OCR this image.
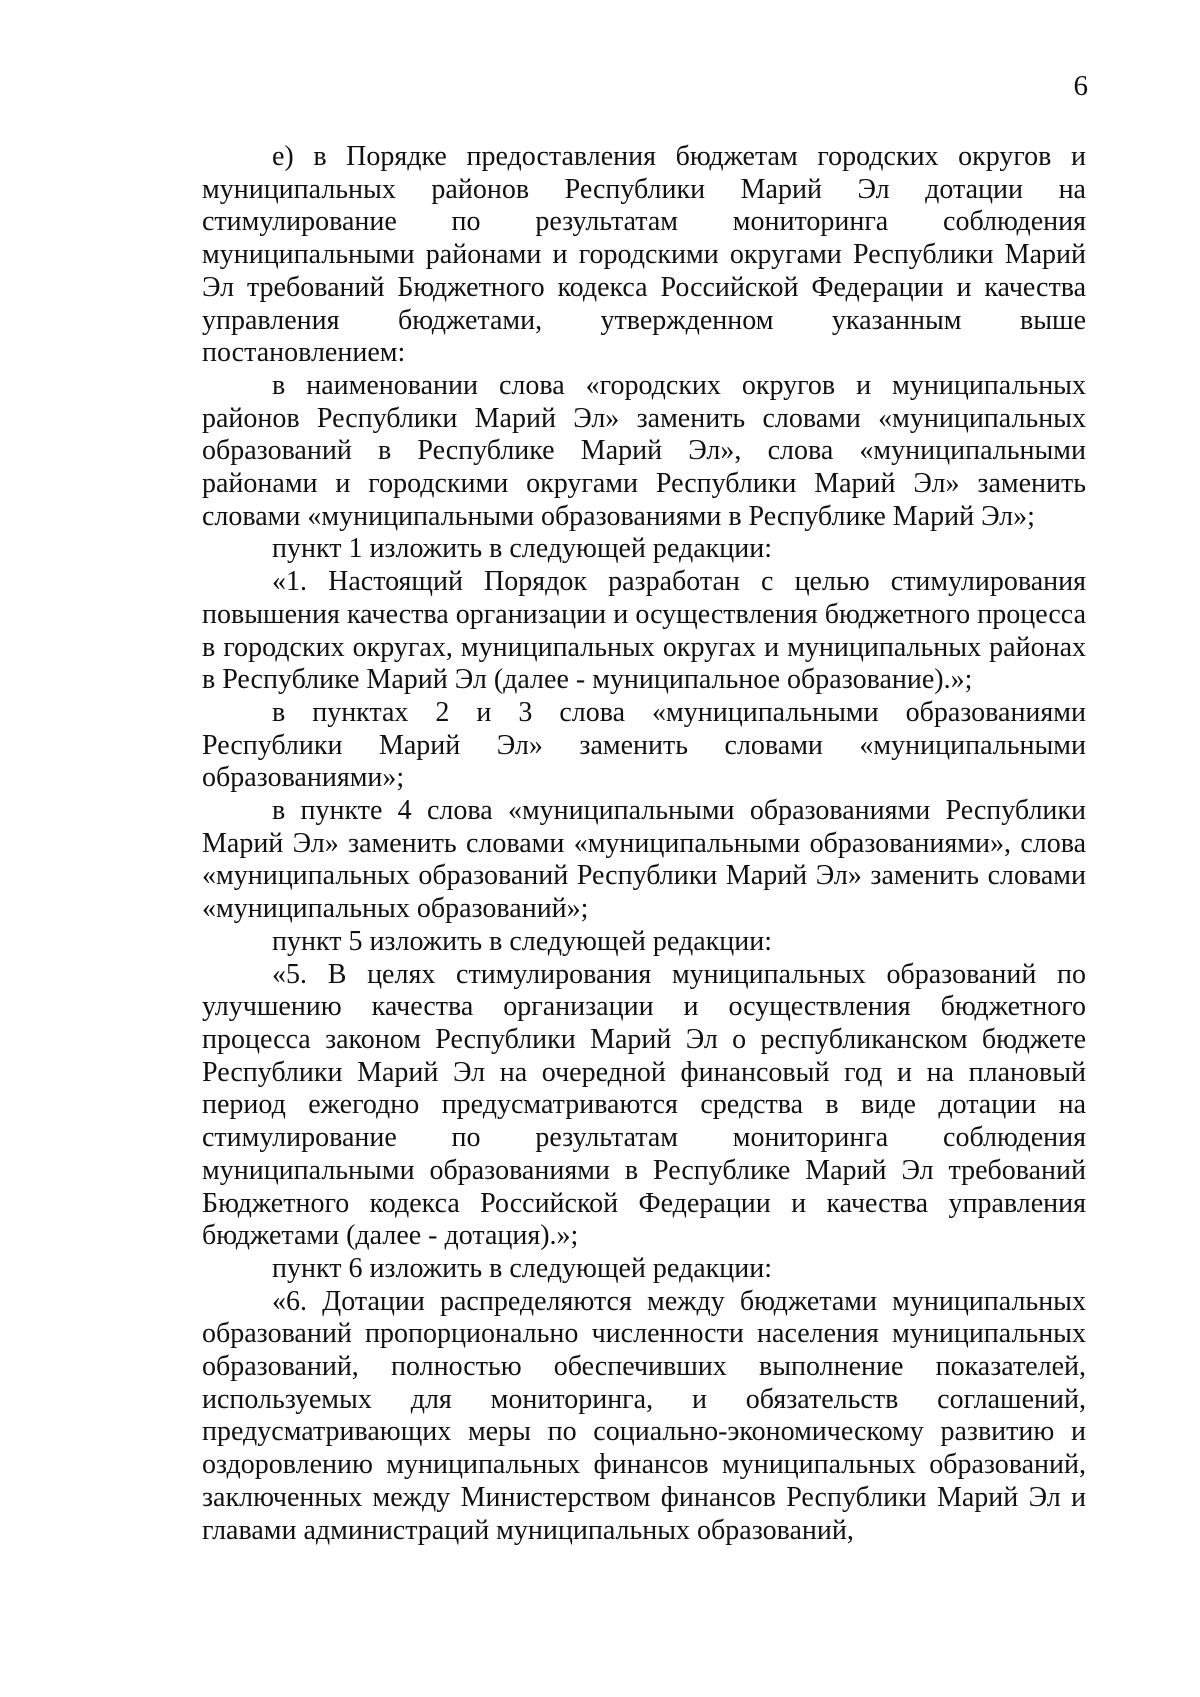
6

е) в Порядке предоставления бюджетам городских округов и муниципальных районов Республики Марий Эл дотации на стимулирование по результатам мониторинга соблюдения муниципальными районами и городскими округами Республики Марий Эл требований Бюджетного кодекса Российской Федерации и качества управления бюджетами, утвержденном указанным выше постановлением:

в наименовании слова «городских округов и муниципальных районов Республики Марий Эл» заменить словами «муниципальных образований в Республике Марий Эл», слова «муниципальными районами и городскими округами Республики Марий Эл» заменить словами «муниципальными образованиями в Республике Марий Эл»;

пункт 1 изложить в следующей редакции:

«1. Настоящий Порядок разработан с целью стимулирования повышения качества организации и осуществления бюджетного процесса в городских округах, муниципальных округах и муниципальных районах в Республике Марий Эл (далее - муниципальное образование).»;

в пунктах 2 и 3 слова «муниципальными образованиями Республики Марий Эл» заменить словами «муниципальными образованиями»;

в пункте 4 слова «муниципальными образованиями Республики Марий Эл» заменить словами «муниципальными образованиями», слова «муниципальных образований Республики Марий Эл» заменить словами «муниципальных образований»;

пункт 5 изложить в следующей редакции:

«5. В целях стимулирования муниципальных образований по улучшению качества организации и осуществления бюджетного процесса законом Республики Марий Эл о республиканском бюджете Республики Марий Эл на очередной финансовый год и на плановый период ежегодно предусматриваются средства в виде дотации на стимулирование по результатам мониторинга соблюдения муниципальными образованиями в Республике Марий Эл требований Бюджетного кодекса Российской Федерации и качества управления бюджетами (далее - дотация).»;

пункт 6 изложить в следующей редакции:

«6. Дотации распределяются между бюджетами муниципальных образований пропорционально численности населения муниципальных образований, полностью обеспечивших выполнение показателей, используемых для мониторинга, и обязательств соглашений, предусматривающих меры по социально-экономическому развитию и оздоровлению муниципальных финансов муниципальных образований, заключенных между Министерством финансов Республики Марий Эл и главами администраций муниципальных образований,
